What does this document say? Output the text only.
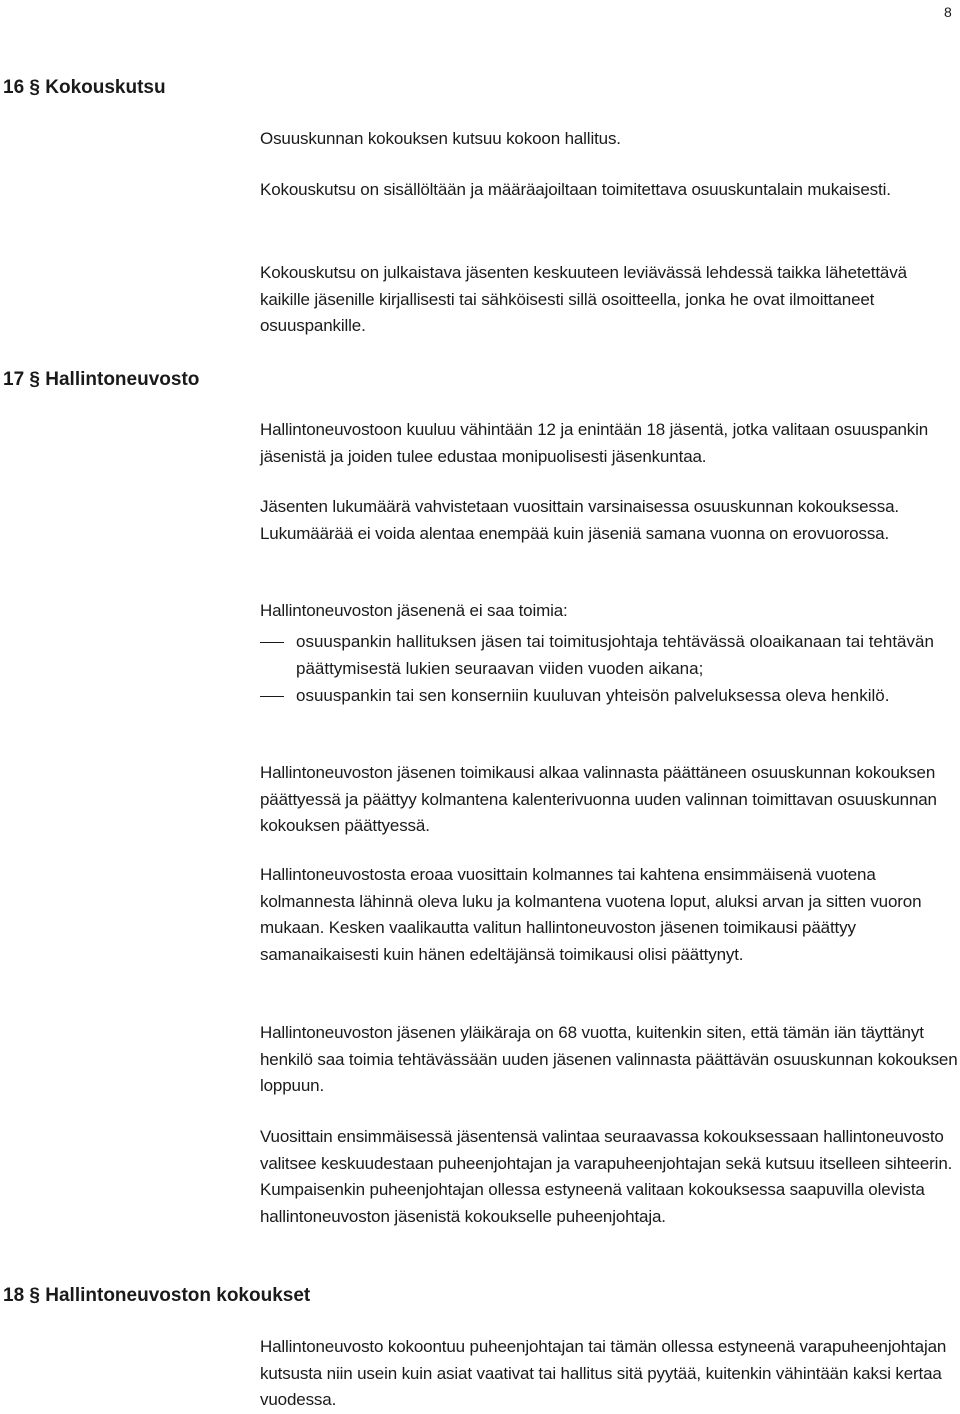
8
16 § Kokouskutsu
Osuuskunnan kokouksen kutsuu kokoon hallitus.
Kokouskutsu on sisällöltään ja määräajoiltaan toimitettava osuuskuntalain mukaisesti.
Kokouskutsu on julkaistava jäsenten keskuuteen leviävässä lehdessä taikka lähetettävä kaikille jäsenille kirjallisesti tai sähköisesti sillä osoitteella, jonka he ovat ilmoittaneet osuuspankille.
17 § Hallintoneuvosto
Hallintoneuvostoon kuuluu vähintään 12 ja enintään 18 jäsentä, jotka valitaan osuuspankin jäsenistä ja joiden tulee edustaa monipuolisesti jäsenkuntaa.
Jäsenten lukumäärä vahvistetaan vuosittain varsinaisessa osuuskunnan kokouksessa. Lukumäärää ei voida alentaa enempää kuin jäseniä samana vuonna on erovuorossa.
Hallintoneuvoston jäsenenä ei saa toimia:
osuuspankin hallituksen jäsen tai toimitusjohtaja tehtävässä oloaikanaan tai tehtävän päättymisestä lukien seuraavan viiden vuoden aikana;
osuuspankin tai sen konserniin kuuluvan yhteisön palveluksessa oleva henkilö.
Hallintoneuvoston jäsenen toimikausi alkaa valinnasta päättäneen osuuskunnan kokouksen päättyessä ja päättyy kolmantena kalenterivuonna uuden valinnan toimittavan osuuskunnan kokouksen päättyessä.
Hallintoneuvostosta eroaa vuosittain kolmannes tai kahtena ensimmäisenä vuotena kolmannesta lähinnä oleva luku ja kolmantena vuotena loput, aluksi arvan ja sitten vuoron mukaan. Kesken vaalikautta valitun hallintoneuvoston jäsenen toimikausi päättyy samanaikaisesti kuin hänen edeltäjänsä toimikausi olisi päättynyt.
Hallintoneuvoston jäsenen yläikäraja on 68 vuotta, kuitenkin siten, että tämän iän täyttänyt henkilö saa toimia tehtävässään uuden jäsenen valinnasta päättävän osuuskunnan kokouksen loppuun.
Vuosittain ensimmäisessä jäsentensä valintaa seuraavassa kokouksessaan hallintoneuvosto valitsee keskuudestaan puheenjohtajan ja varapuheenjohtajan sekä kutsuu itselleen sihteerin. Kumpaisenkin puheenjohtajan ollessa estyneenä valitaan kokouksessa saapuvilla olevista hallintoneuvoston jäsenistä kokoukselle puheenjohtaja.
18 § Hallintoneuvoston kokoukset
Hallintoneuvosto kokoontuu puheenjohtajan tai tämän ollessa estyneenä varapuheenjohtajan kutsusta niin usein kuin asiat vaativat tai hallitus sitä pyytää, kuitenkin vähintään kaksi kertaa vuodessa.
